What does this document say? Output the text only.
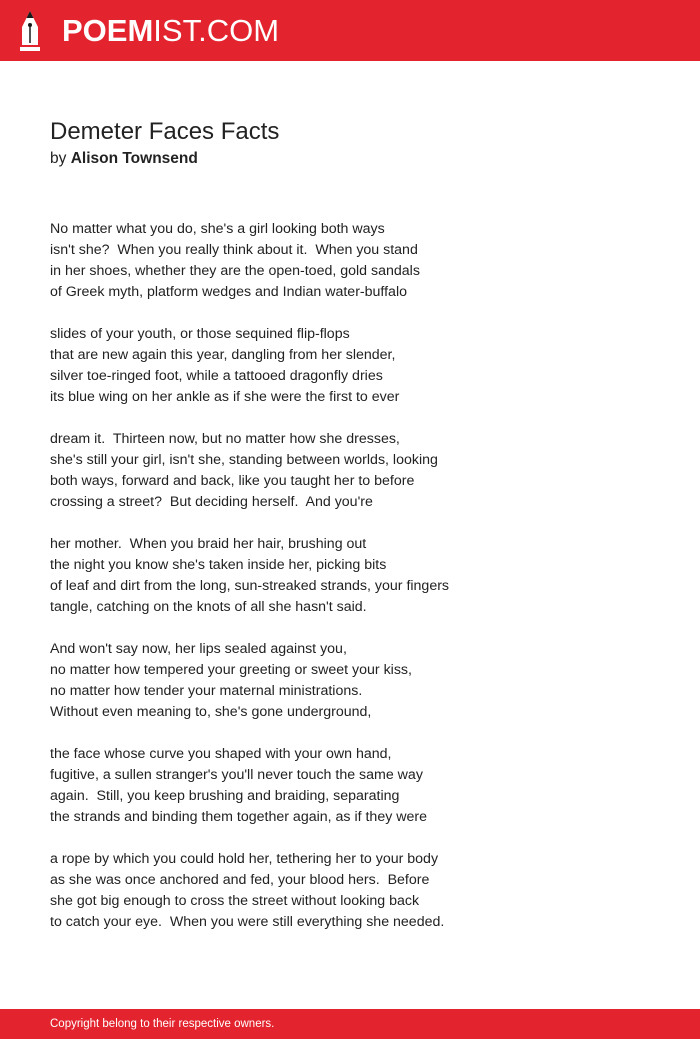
POEMIST.COM
Demeter Faces Facts
by Alison Townsend
No matter what you do, she's a girl looking both ways
isn't she?  When you really think about it.  When you stand
in her shoes, whether they are the open-toed, gold sandals
of Greek myth, platform wedges and Indian water-buffalo
slides of your youth, or those sequined flip-flops
that are new again this year, dangling from her slender,
silver toe-ringed foot, while a tattooed dragonfly dries
its blue wing on her ankle as if she were the first to ever
dream it.  Thirteen now, but no matter how she dresses,
she's still your girl, isn't she, standing between worlds, looking
both ways, forward and back, like you taught her to before
crossing a street?  But deciding herself.  And you're
her mother.  When you braid her hair, brushing out
the night you know she's taken inside her, picking bits
of leaf and dirt from the long, sun-streaked strands, your fingers
tangle, catching on the knots of all she hasn't said.
And won't say now, her lips sealed against you,
no matter how tempered your greeting or sweet your kiss,
no matter how tender your maternal ministrations.
Without even meaning to, she's gone underground,
the face whose curve you shaped with your own hand,
fugitive, a sullen stranger's you'll never touch the same way
again.  Still, you keep brushing and braiding, separating
the strands and binding them together again, as if they were
a rope by which you could hold her, tethering her to your body
as she was once anchored and fed, your blood hers.  Before
she got big enough to cross the street without looking back
to catch your eye.  When you were still everything she needed.
Copyright belong to their respective owners.
